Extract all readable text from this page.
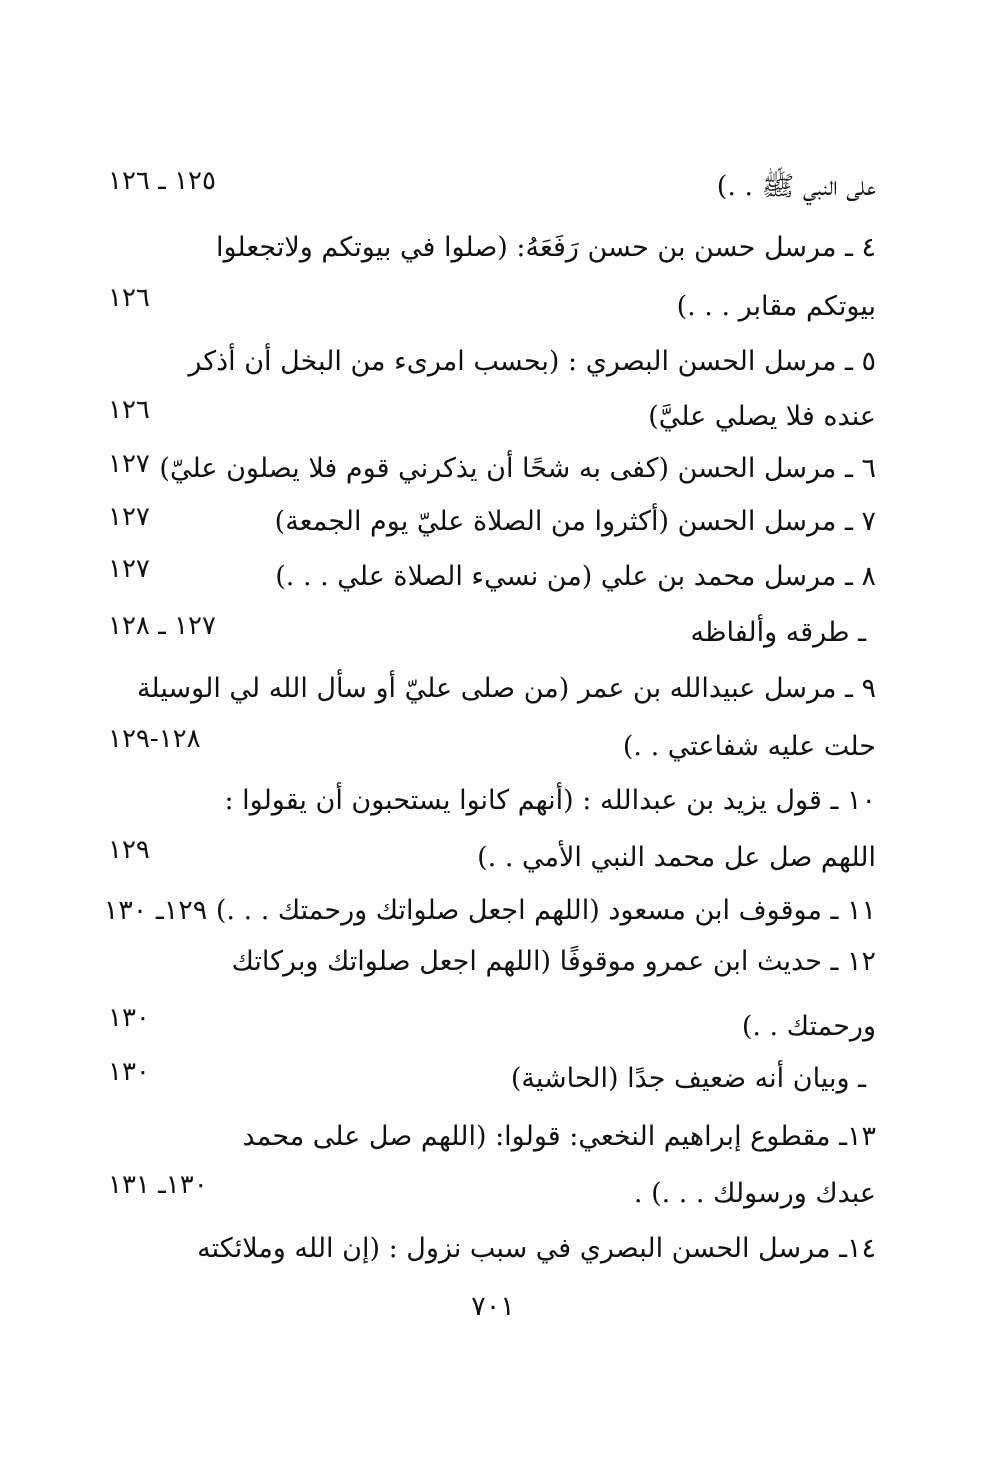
على النبي ﷺ . .)
١٢٥ ـ ١٢٦
٤ ـ مرسل حسن بن حسن رَفَعَهُ: (صلوا في بيوتكم ولاتجعلوا
بيوتكم مقابر . . .)
١٢٦
٥ ـ مرسل الحسن البصري : (بحسب امرىء من البخل أن أذكر
عنده فلا يصلي عليَّ)
١٢٦
٦ ـ مرسل الحسن (كفى به شحًا أن يذكرني قوم فلا يصلون عليّ)
١٢٧
٧ ـ مرسل الحسن (أكثروا من الصلاة عليّ يوم الجمعة)
١٢٧
٨ ـ مرسل محمد بن علي (من نسيء الصلاة علي . . .)
١٢٧
ـ طرقه وألفاظه
١٢٧ ـ ١٢٨
٩ ـ مرسل عبيدالله بن عمر (من صلى عليّ أو سأل الله لي الوسيلة
حلت عليه شفاعتي . .)
١٢٨-١٢٩
١٠ ـ قول يزيد بن عبدالله : (أنهم كانوا يستحبون أن يقولوا :
اللهم صل عل محمد النبي الأمي . .)
١٢٩
١١ ـ موقوف ابن مسعود (اللهم اجعل صلواتك ورحمتك . . .) ١٢٩ـ ١٣٠
١٢ ـ حديث ابن عمرو موقوفًا (اللهم اجعل صلواتك وبركاتك
ورحمتك . .)
١٣٠
ـ وبيان أنه ضعيف جدًا (الحاشية)
١٣٠
١٣ـ مقطوع إبراهيم النخعي: قولوا: (اللهم صل على محمد
عبدك ورسولك . . .) .
١٣٠ـ ١٣١
١٤ـ مرسل الحسن البصري في سبب نزول : (إن الله وملائكته
٧٠١
